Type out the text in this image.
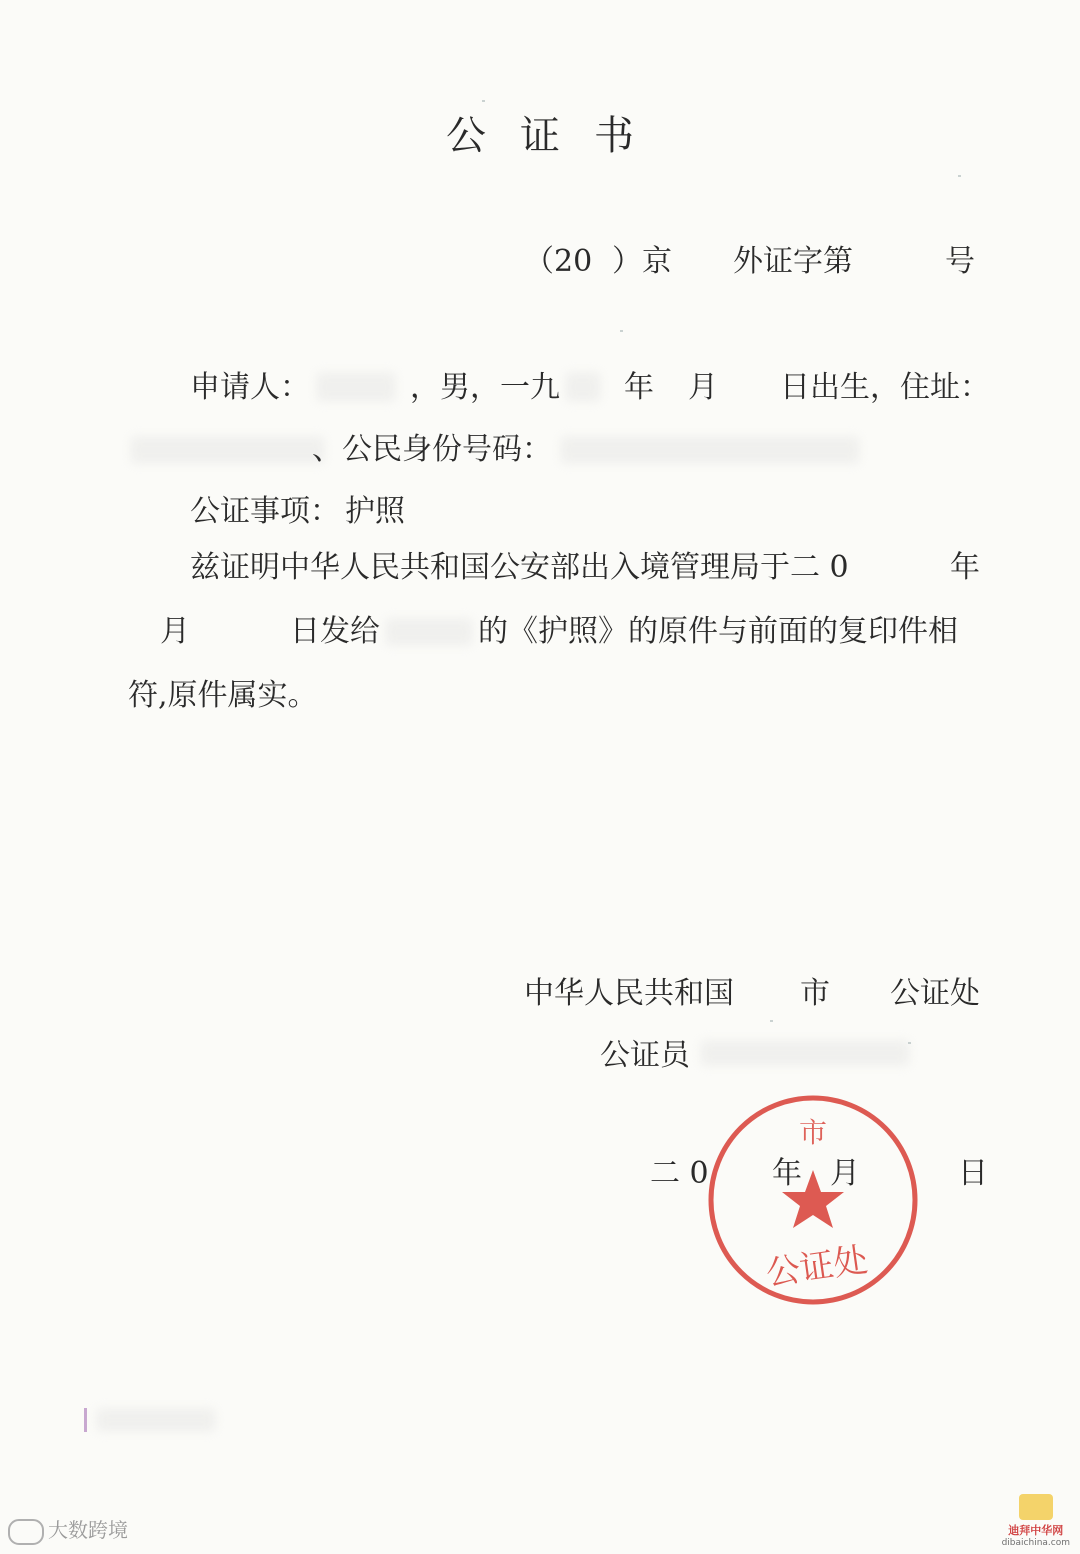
公证书
（20 ）京 外证字第	号
申请人：	，男，一九 年 月 日出生，住址：
、公民身份号码：
公证事项： 护照
兹证明中华人民共和国公安部出入境管理局于二 0	年
月	日发给	的《护照》的原件与前面的复印件相
符,原件属实。
中华人民共和国 市 公证处
公证员
市
公证处
二 0 年 月	日
大数跨境	迪拜中华网
dibaichina.com
